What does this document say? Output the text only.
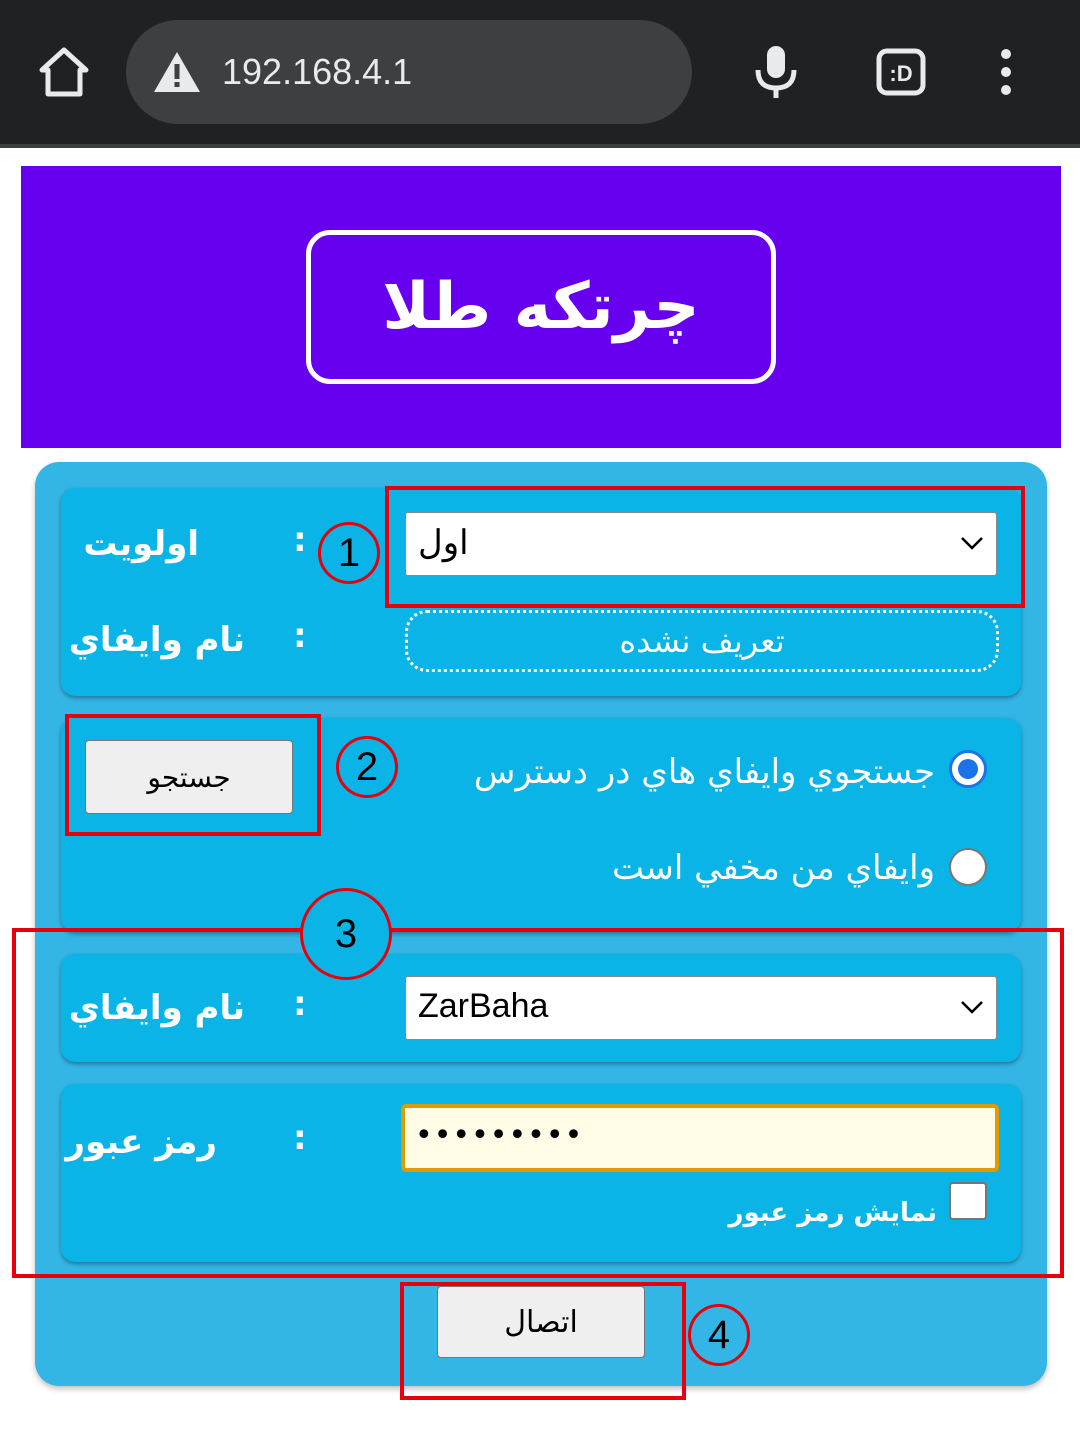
192.168.4.1	:D
چرتكه طلا
اولويت	:	اول
نام وايفاي :	تعريف نشده
جستجو	جستجوي وايفاي هاي در دسترس
وايفاي من مخفي است
نام وايفاي :	ZarBaha
رمز عبور :	•••••••••
نمايش رمز عبور
اتصال
1
2
3
4
